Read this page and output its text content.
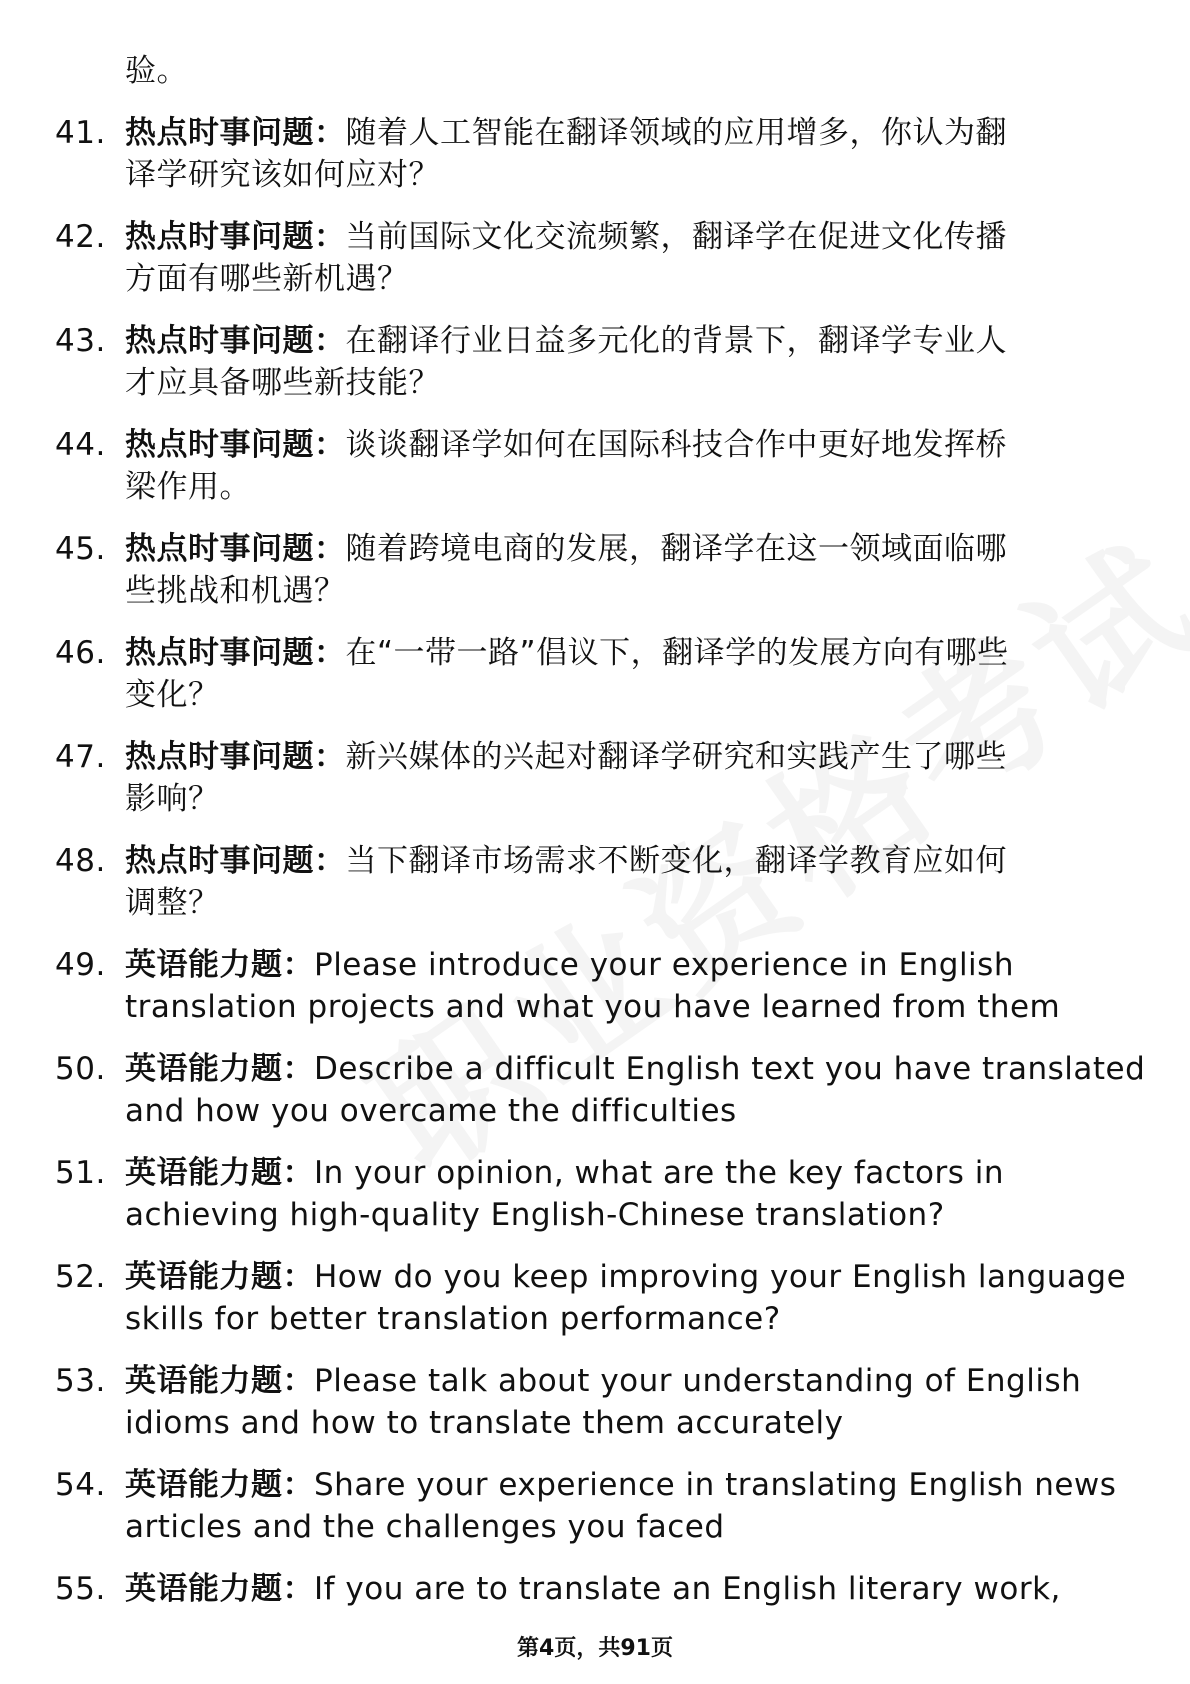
验。
41. 热点时事问题：随着人工智能在翻译领域的应用增多，你认为翻
译学研究该如何应对？
42. 热点时事问题：当前国际文化交流频繁，翻译学在促进文化传播
方面有哪些新机遇？
43. 热点时事问题：在翻译行业日益多元化的背景下，翻译学专业人
才应具备哪些新技能？
44. 热点时事问题：谈谈翻译学如何在国际科技合作中更好地发挥桥
梁作用。
45. 热点时事问题：随着跨境电商的发展，翻译学在这一领域面临哪
些挑战和机遇？
46. 热点时事问题：在“一带一路”倡议下，翻译学的发展方向有哪些
变化？
47. 热点时事问题：新兴媒体的兴起对翻译学研究和实践产生了哪些
影响？
48. 热点时事问题：当下翻译市场需求不断变化，翻译学教育应如何
调整？
49. 英语能力题：Please introduce your experience in English
translation projects and what you have learned from them
50. 英语能力题：Describe a difficult English text you have translated
and how you overcame the difficulties
51. 英语能力题：In your opinion, what are the key factors in
achieving high-quality English-Chinese translation?
52. 英语能力题：How do you keep improving your English language
skills for better translation performance?
53. 英语能力题：Please talk about your understanding of English
idioms and how to translate them accurately
54. 英语能力题：Share your experience in translating English news
articles and the challenges you faced
55. 英语能力题：If you are to translate an English literary work,
第4页，共91页
